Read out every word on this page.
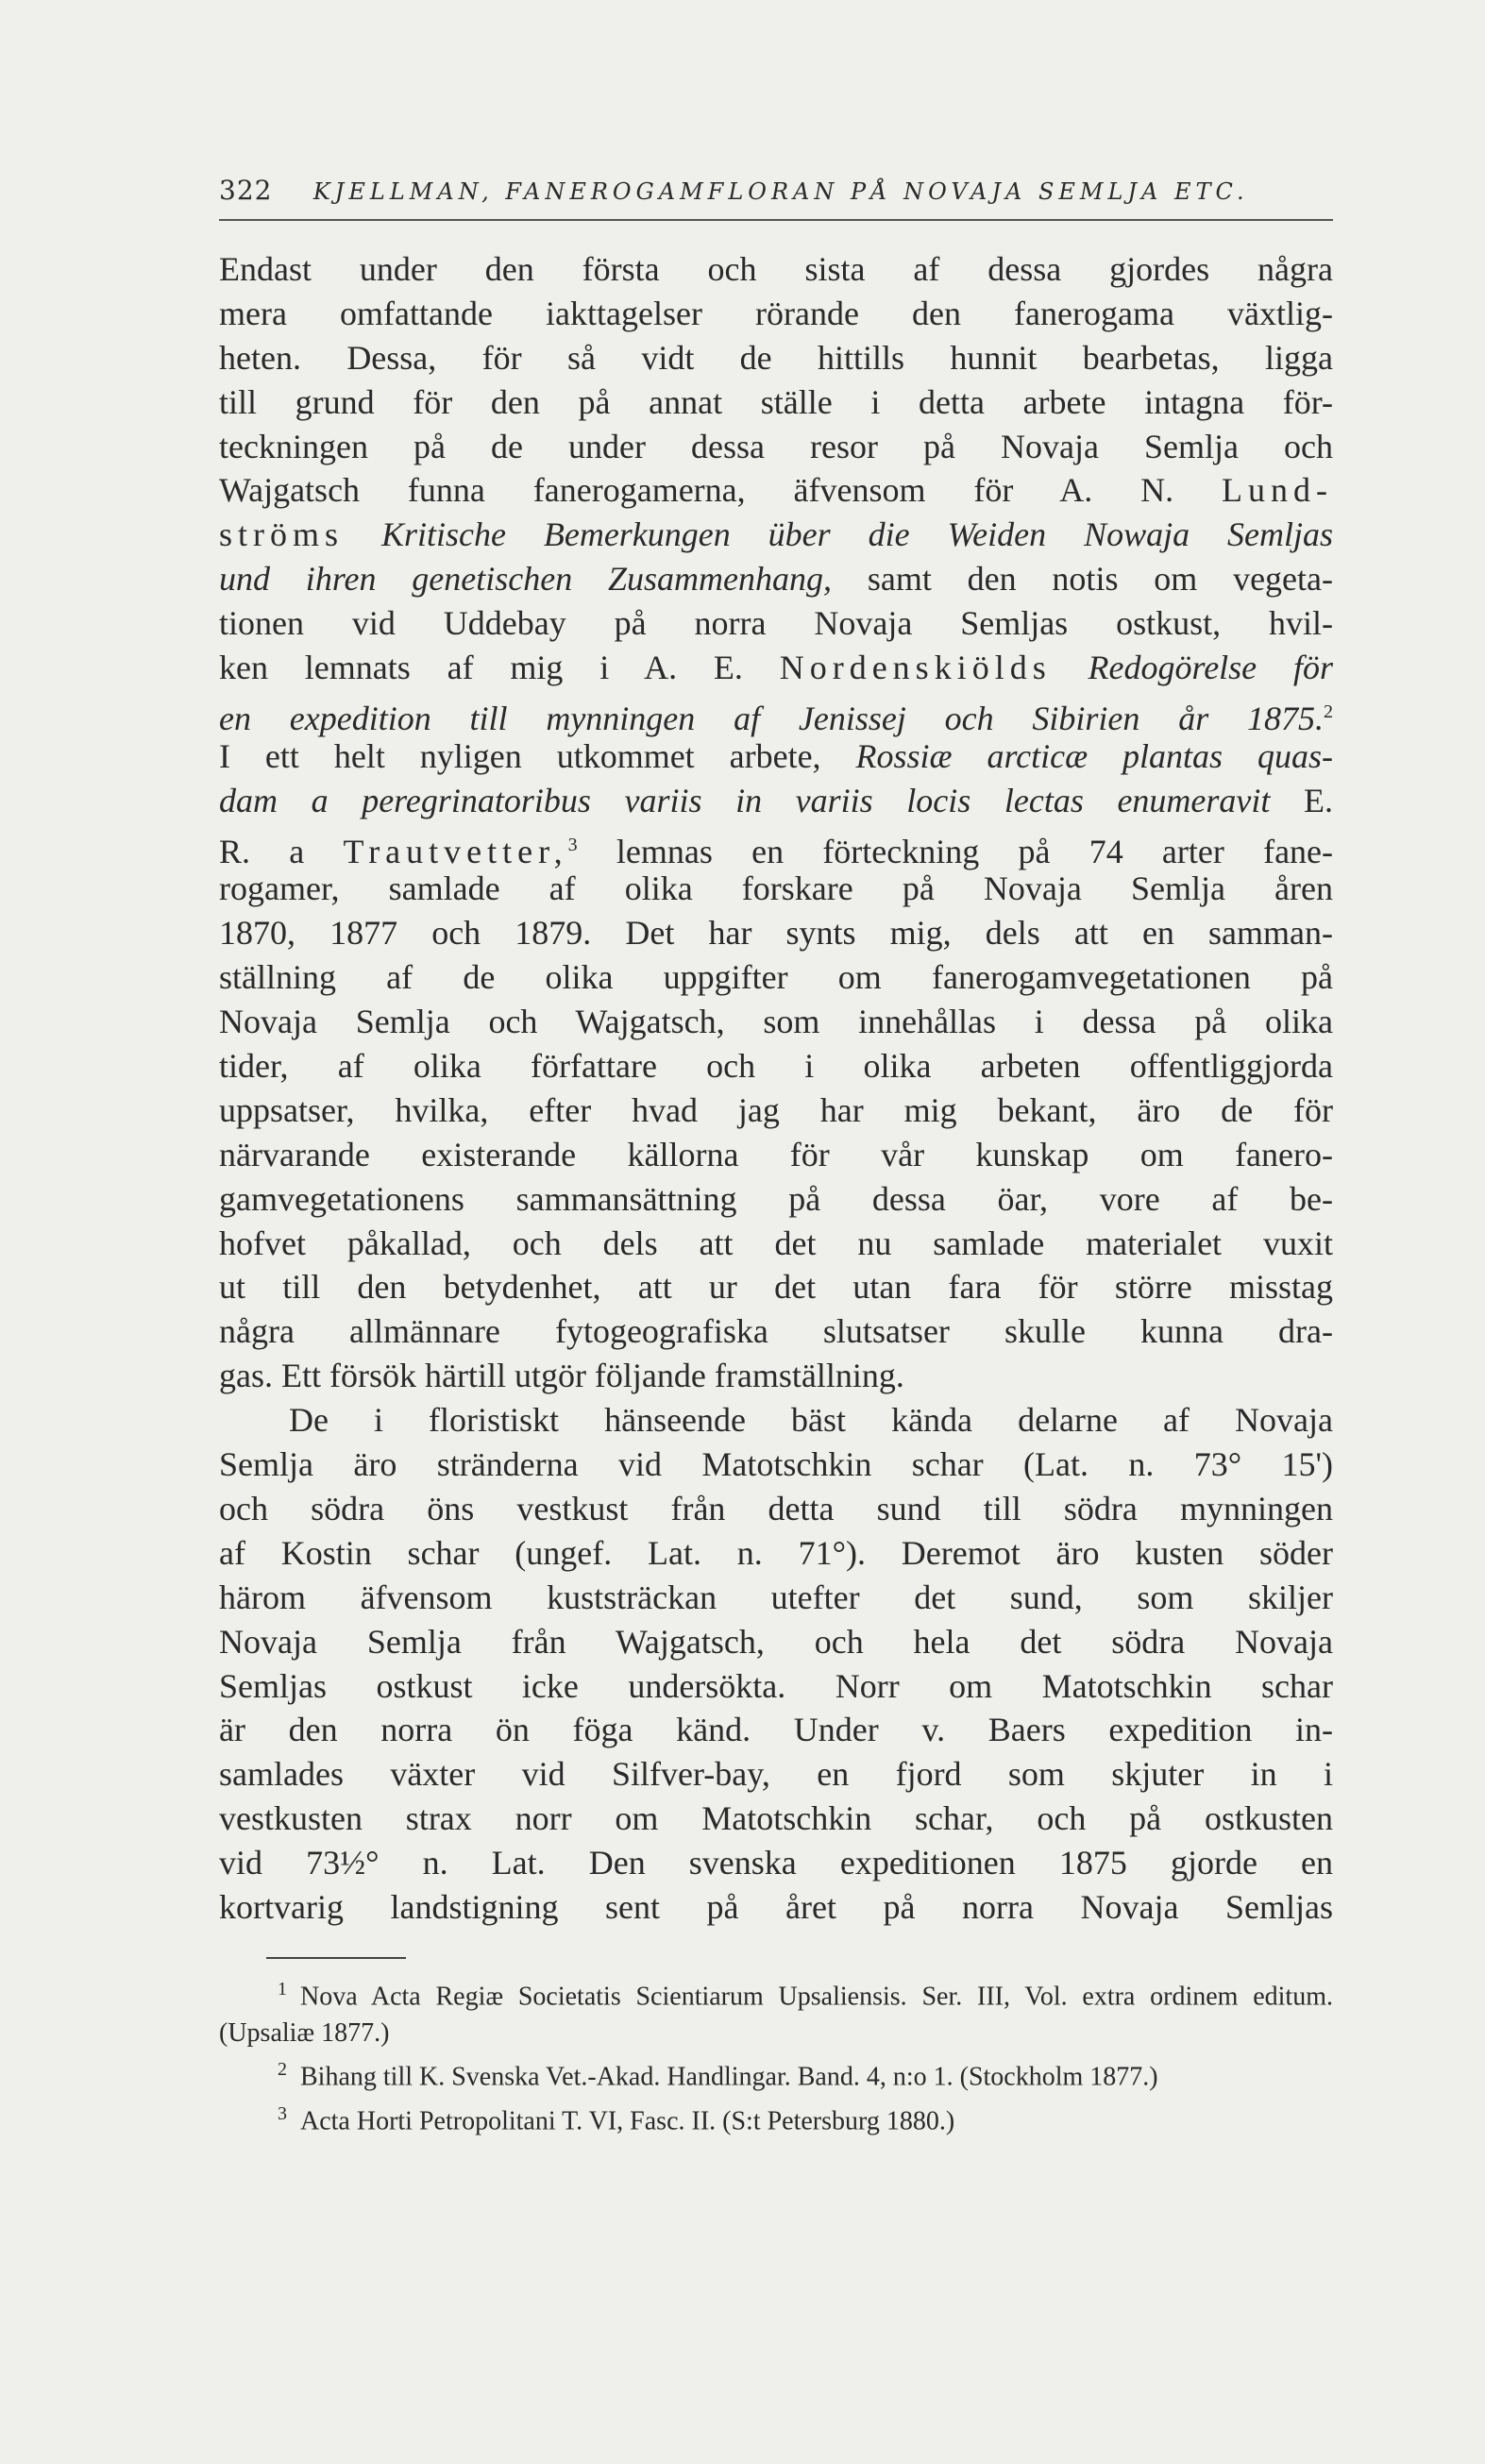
322 KJELLMAN, FANEROGAMFLORAN PÅ NOVAJA SEMLJA ETC.
Endast under den första och sista af dessa gjordes några
mera omfattande iakttagelser rörande den fanerogama växtlig-
heten. Dessa, för så vidt de hittills hunnit bearbetas, ligga
till grund för den på annat ställe i detta arbete intagna för-
teckningen på de under dessa resor på Novaja Semlja och
Wajgatsch funna fanerogamerna, äfvensom för A. N. Lund-
ströms Kritische Bemerkungen über die Weiden Nowaja Semljas
und ihren genetischen Zusammenhang, samt den notis om vegeta-
tionen vid Uddebay på norra Novaja Semljas ostkust, hvil-
ken lemnats af mig i A. E. Nordenskiölds Redogörelse för
en expedition till mynningen af Jenissej och Sibirien år 1875.$^2$
I ett helt nyligen utkommet arbete, Rossiæ arcticæ plantas quas-
dam a peregrinatoribus variis in variis locis lectas enumeravit E.
R. a Trautvetter,$^3$ lemnas en förteckning på 74 arter fane-
rogamer, samlade af olika forskare på Novaja Semlja åren
1870, 1877 och 1879. Det har synts mig, dels att en samman-
ställning af de olika uppgifter om fanerogamvegetationen på
Novaja Semlja och Wajgatsch, som innehållas i dessa på olika
tider, af olika författare och i olika arbeten offentliggjorda
uppsatser, hvilka, efter hvad jag har mig bekant, äro de för
närvarande existerande källorna för vår kunskap om fanero-
gamvegetationens sammansättning på dessa öar, vore af be-
hofvet påkallad, och dels att det nu samlade materialet vuxit
ut till den betydenhet, att ur det utan fara för större misstag
några allmännare fytogeografiska slutsatser skulle kunna dra-
gas. Ett försök härtill utgör följande framställning.
De i floristiskt hänseende bäst kända delarne af Novaja
Semlja äro stränderna vid Matotschkin schar (Lat. n. 73° 15')
och södra öns vestkust från detta sund till södra mynningen
af Kostin schar (ungef. Lat. n. 71°). Deremot äro kusten söder
härom äfvensom kuststräckan utefter det sund, som skiljer
Novaja Semlja från Wajgatsch, och hela det södra Novaja
Semljas ostkust icke undersökta. Norr om Matotschkin schar
är den norra ön föga känd. Under v. Baers expedition in-
samlades växter vid Silfver-bay, en fjord som skjuter in i
vestkusten strax norr om Matotschkin schar, och på ostkusten
vid 73½° n. Lat. Den svenska expeditionen 1875 gjorde en
kortvarig landstigning sent på året på norra Novaja Semljas
$^1$ Nova Acta Regiæ Societatis Scientiarum Upsaliensis. Ser. III, Vol. extra ordinem editum. (Upsaliæ 1877.)
$^2$ Bihang till K. Svenska Vet.-Akad. Handlingar. Band. 4, n:o 1. (Stockholm 1877.)
$^3$ Acta Horti Petropolitani T. VI, Fasc. II. (S:t Petersburg 1880.)
